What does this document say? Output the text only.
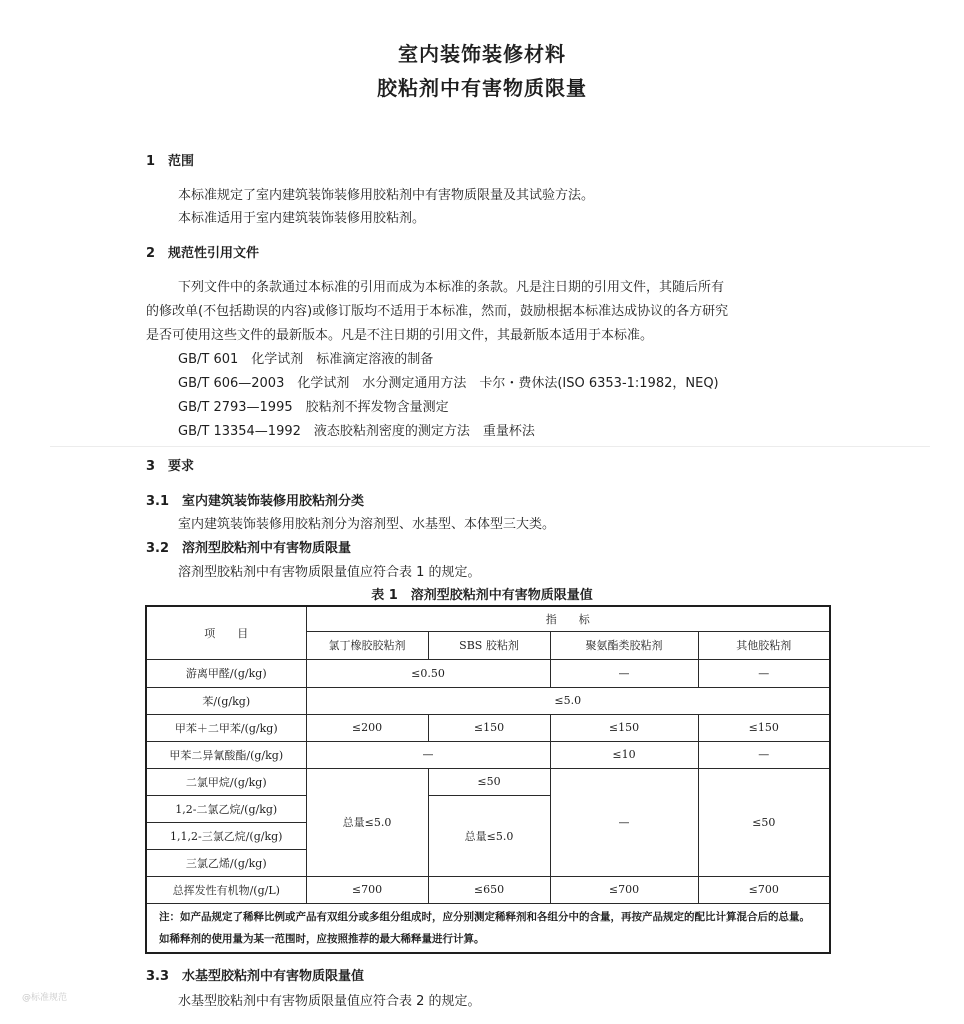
室内装饰装修材料
胶粘剂中有害物质限量
1　范围
本标准规定了室内建筑装饰装修用胶粘剂中有害物质限量及其试验方法。
本标准适用于室内建筑装饰装修用胶粘剂。
2　规范性引用文件
下列文件中的条款通过本标准的引用而成为本标准的条款。凡是注日期的引用文件，其随后所有
的修改单(不包括勘误的内容)或修订版均不适用于本标准，然而，鼓励根据本标准达成协议的各方研究
是否可使用这些文件的最新版本。凡是不注日期的引用文件，其最新版本适用于本标准。
GB/T 601　化学试剂　标准滴定溶液的制备
GB/T 606—2003　化学试剂　水分测定通用方法　卡尔・费休法(ISO 6353-1:1982，NEQ)
GB/T 2793—1995　胶粘剂不挥发物含量测定
GB/T 13354—1992　液态胶粘剂密度的测定方法　重量杯法
3　要求
3.1　室内建筑装饰装修用胶粘剂分类
室内建筑装饰装修用胶粘剂分为溶剂型、水基型、本体型三大类。
3.2　溶剂型胶粘剂中有害物质限量
溶剂型胶粘剂中有害物质限量值应符合表 1 的规定。
表 1　溶剂型胶粘剂中有害物质限量值
项　　目	指　　标			
	氯丁橡胶胶粘剂	SBS 胶粘剂	聚氨酯类胶粘剂	其他胶粘剂
游离甲醛/(g/kg)	≤0.50		—	—
苯/(g/kg)	≤5.0			
甲苯＋二甲苯/(g/kg)	≤200	≤150	≤150	≤150
甲苯二异氰酸酯/(g/kg)	—		≤10	—
二氯甲烷/(g/kg)	总量≤5.0	≤50	—	≤50
1,2-二氯乙烷/(g/kg)		总量≤5.0		
1,1,2-三氯乙烷/(g/kg)				
三氯乙烯/(g/kg)				
总挥发性有机物/(g/L)	≤700	≤650	≤700	≤700
注：如产品规定了稀释比例或产品有双组分或多组分组成时，应分别测定稀释剂和各组分中的含量，再按产品规定的配比计算混合后的总量。如稀释剂的使用量为某一范围时，应按照推荐的最大稀释量进行计算。				
3.3　水基型胶粘剂中有害物质限量值
水基型胶粘剂中有害物质限量值应符合表 2 的规定。
@标准规范
